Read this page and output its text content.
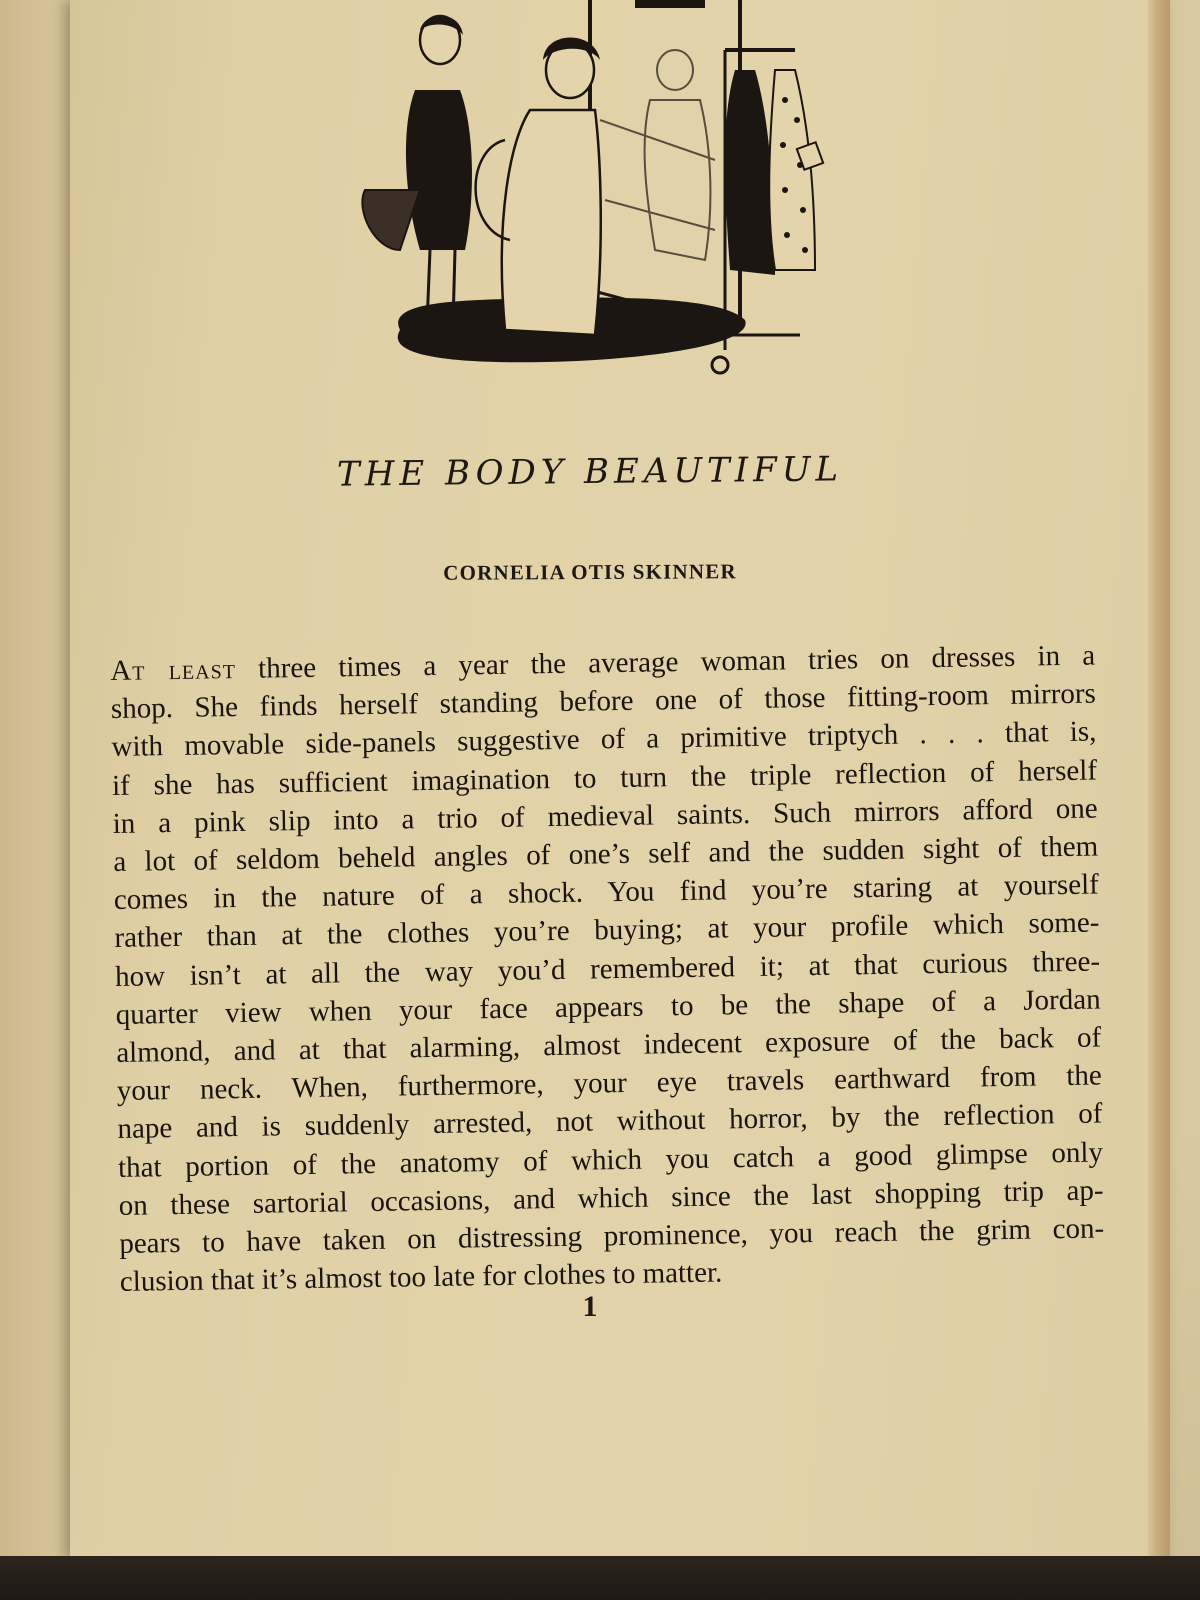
THE BODY BEAUTIFUL

CORNELIA OTIS SKINNER

At least three times a year the average woman tries on dresses in a
shop. She finds herself standing before one of those fitting-room mirrors
with movable side-panels suggestive of a primitive triptych . . . that is,
if she has sufficient imagination to turn the triple reflection of herself
in a pink slip into a trio of medieval saints. Such mirrors afford one
a lot of seldom beheld angles of one’s self and the sudden sight of them
comes in the nature of a shock. You find you’re staring at yourself
rather than at the clothes you’re buying; at your profile which some-
how isn’t at all the way you’d remembered it; at that curious three-
quarter view when your face appears to be the shape of a Jordan
almond, and at that alarming, almost indecent exposure of the back of
your neck. When, furthermore, your eye travels earthward from the
nape and is suddenly arrested, not without horror, by the reflection of
that portion of the anatomy of which you catch a good glimpse only
on these sartorial occasions, and which since the last shopping trip ap-
pears to have taken on distressing prominence, you reach the grim con-
clusion that it’s almost too late for clothes to matter.

1
